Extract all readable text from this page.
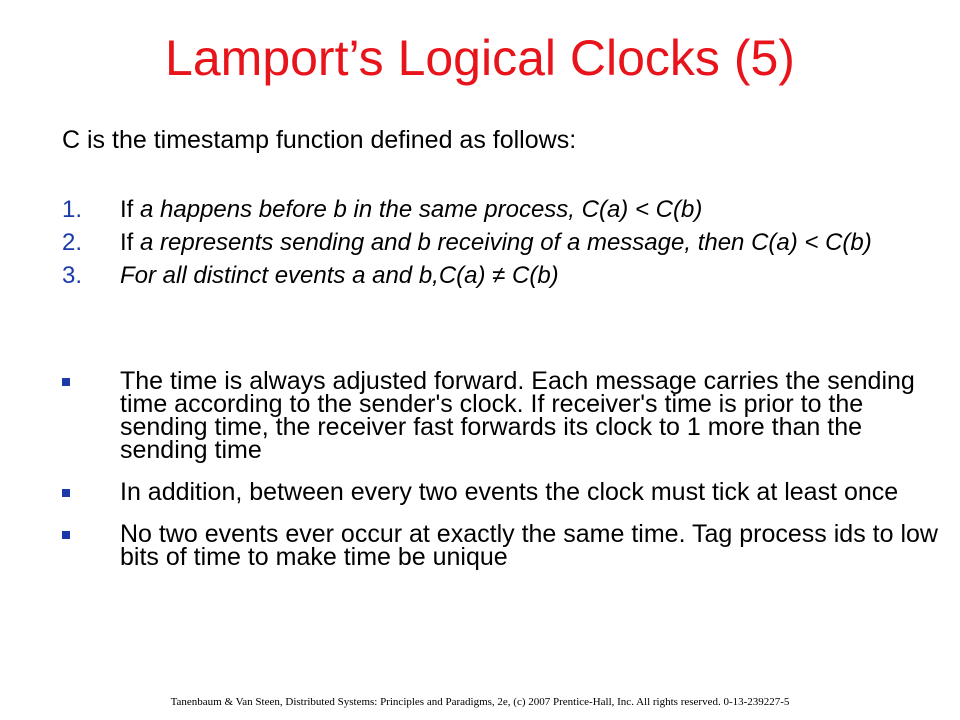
Lamport’s Logical Clocks (5)
C is the timestamp function defined as follows:
1. If a happens before b in the same process, C(a) < C(b)
2. If a represents sending and b receiving of a message, then C(a) < C(b)
3. For all distinct events a and b,C(a) ≠ C(b)
The time is always adjusted forward. Each message carries the sending time according to the sender's clock. If receiver's time is prior to the sending time, the receiver fast forwards its clock to 1 more than the sending time
In addition, between every two events the clock must tick at least once
No two events ever occur at exactly the same time. Tag process ids to low bits of time to make time be unique
Tanenbaum & Van Steen, Distributed Systems: Principles and Paradigms, 2e, (c) 2007 Prentice-Hall, Inc. All rights reserved. 0-13-239227-5
